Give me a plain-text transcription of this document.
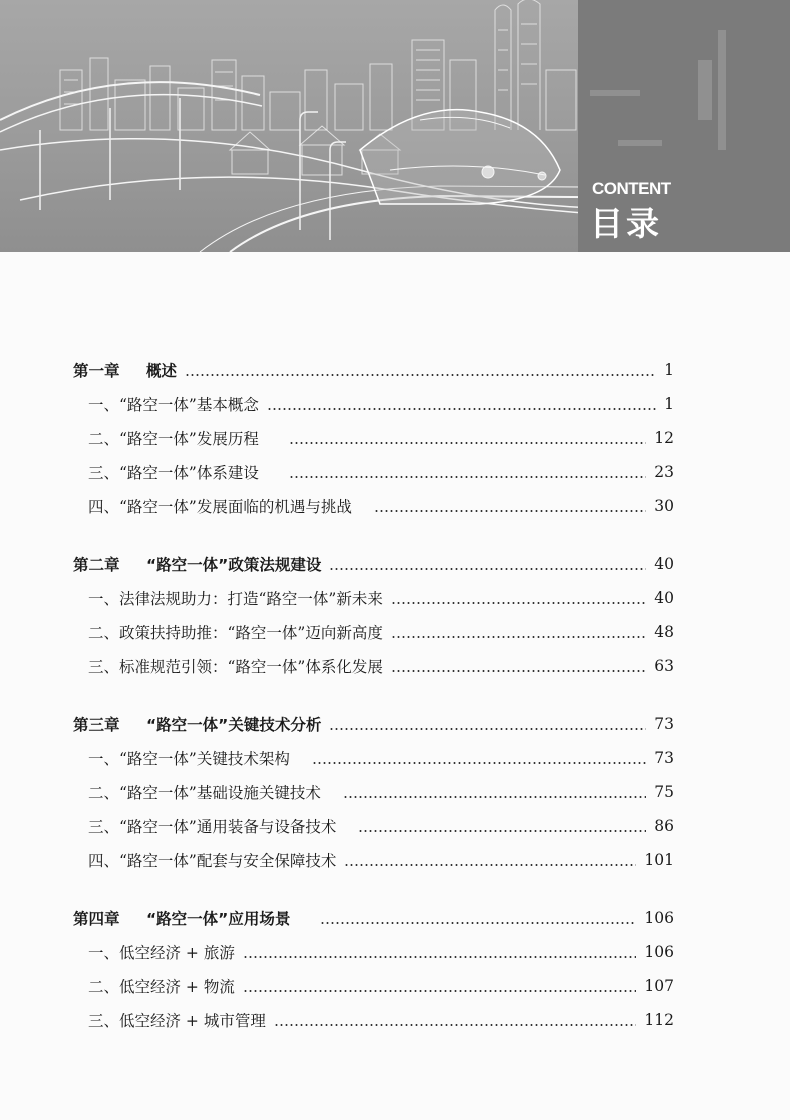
CONTENT
目录
第一章 概述	1
一、“路空一体”基本概念	1
二、“路空一体”发展历程	12
三、“路空一体”体系建设	23
四、“路空一体”发展面临的机遇与挑战	30
第二章 “路空一体”政策法规建设	40
一、法律法规助力：打造“路空一体”新未来	40
二、政策扶持助推：“路空一体”迈向新高度	48
三、标准规范引领：“路空一体”体系化发展	63
第三章 “路空一体”关键技术分析	73
一、“路空一体”关键技术架构	73
二、“路空一体”基础设施关键技术	75
三、“路空一体”通用装备与设备技术	86
四、“路空一体”配套与安全保障技术	101
第四章 “路空一体”应用场景	106
一、低空经济 + 旅游	106
二、低空经济 + 物流	107
三、低空经济 + 城市管理	112
